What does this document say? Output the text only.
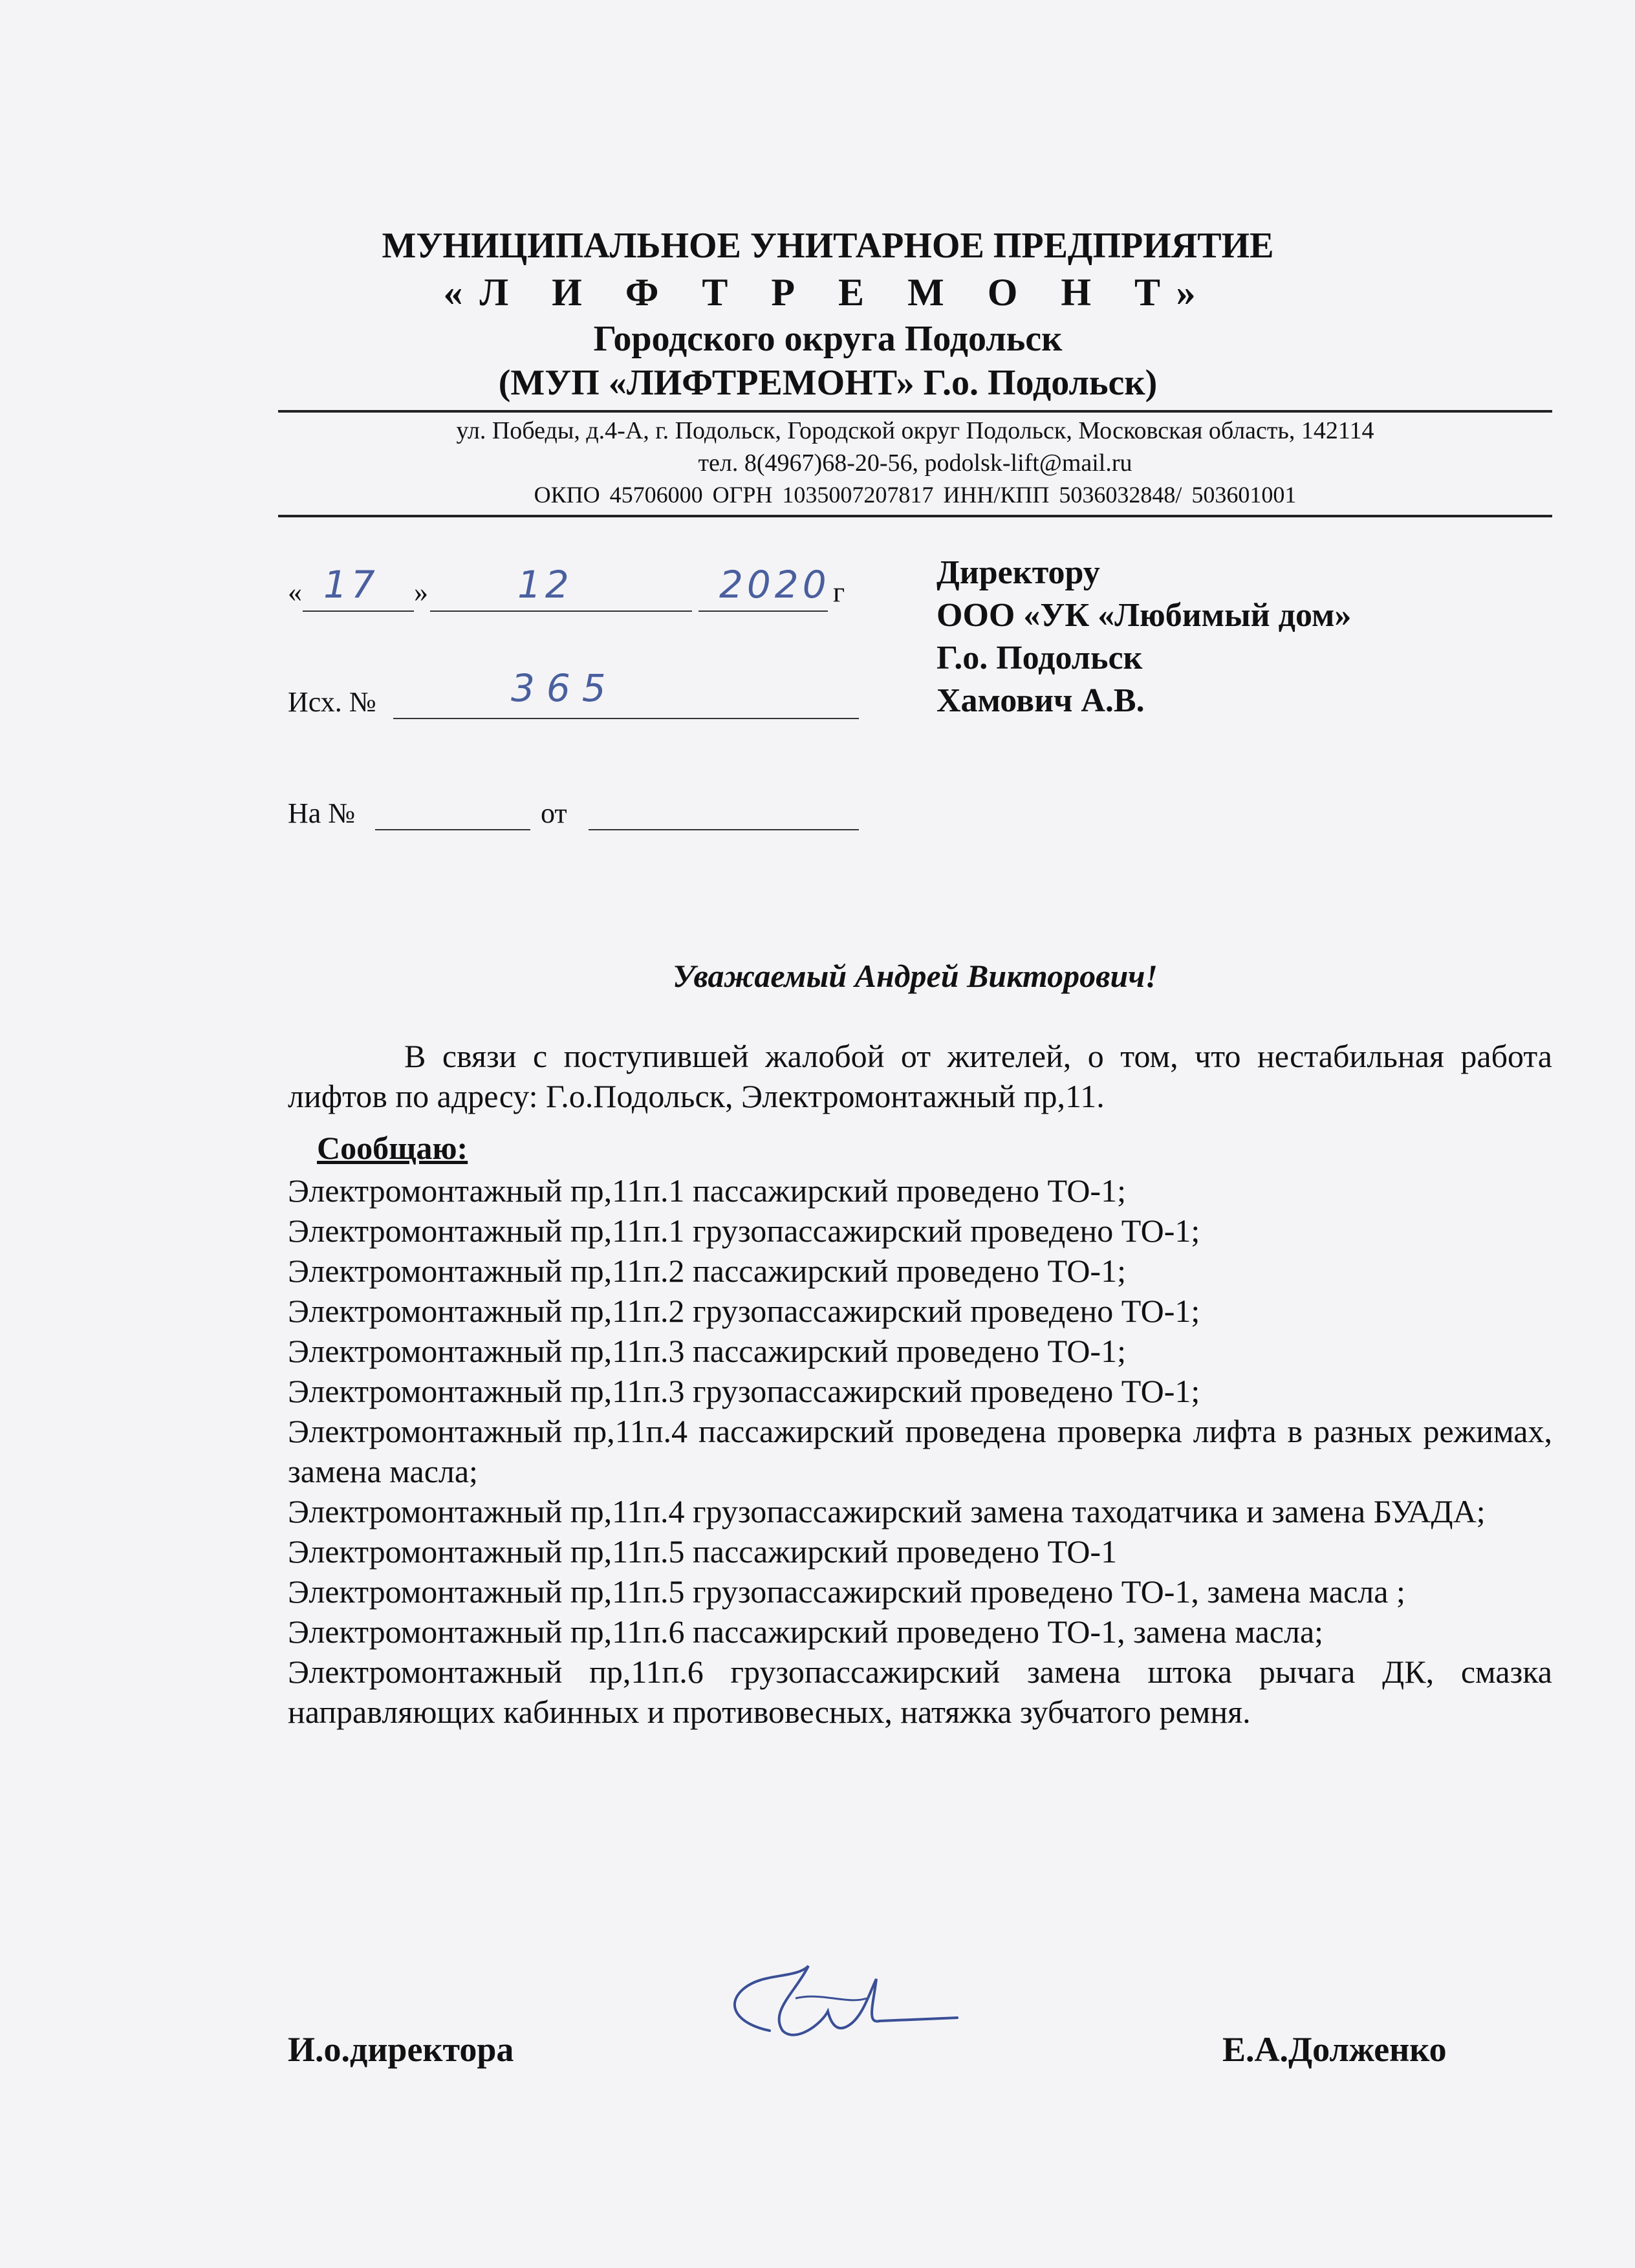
МУНИЦИПАЛЬНОЕ УНИТАРНОЕ ПРЕДПРИЯТИЕ
«Л И Ф Т Р Е М О Н Т»
Городского округа Подольск
(МУП «ЛИФТРЕМОНТ» Г.о. Подольск)
ул. Победы, д.4-А, г. Подольск, Городской округ Подольск, Московская область, 142114
тел. 8(4967)68-20-56, podolsk-lift@mail.ru
ОКПО 45706000 ОГРН 1035007207817 ИНН/КПП 5036032848/ 503601001
« 17 » 12	2020 г
Исх. №	365
На №	от
Директору
ООО «УК «Любимый дом»
Г.о. Подольск
Хамович А.В.
Уважаемый Андрей Викторович!
В связи с поступившей жалобой от жителей, о том, что нестабильная работа лифтов по адресу: Г.о.Подольск, Электромонтажный пр,11.
Сообщаю:
Электромонтажный пр,11п.1 пассажирский проведено ТО-1;
Электромонтажный пр,11п.1 грузопассажирский проведено ТО-1;
Электромонтажный пр,11п.2 пассажирский проведено ТО-1;
Электромонтажный пр,11п.2 грузопассажирский проведено ТО-1;
Электромонтажный пр,11п.3 пассажирский проведено ТО-1;
Электромонтажный пр,11п.3 грузопассажирский проведено ТО-1;
Электромонтажный пр,11п.4 пассажирский проведена проверка лифта в разных режимах, замена масла;
Электромонтажный пр,11п.4 грузопассажирский замена таходатчика и замена БУАДА;
Электромонтажный пр,11п.5 пассажирский проведено ТО-1
Электромонтажный пр,11п.5 грузопассажирский проведено ТО-1, замена масла ;
Электромонтажный пр,11п.6 пассажирский проведено ТО-1, замена масла;
Электромонтажный пр,11п.6 грузопассажирский замена штока рычага ДК, смазка направляющих кабинных и противовесных, натяжка зубчатого ремня.
И.о.директора	Е.А.Долженко
